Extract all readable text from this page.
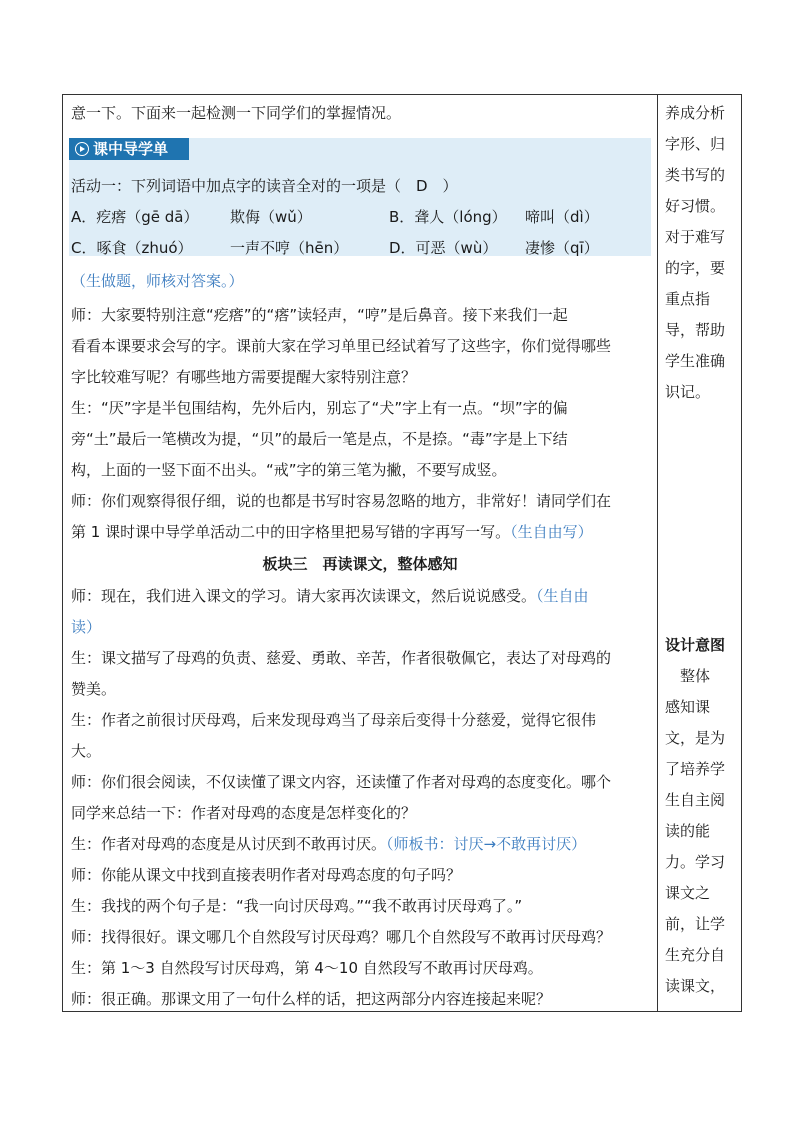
意一下。下面来一起检测一下同学们的掌握情况。
课中导学单
活动一：下列词语中加点字的读音全对的一项是（　D　）
A．疙瘩（gē dā） 欺侮（wǔ）	B．聋人（lóng） 啼叫（dì）
C．啄食（zhuó） 一声不哼（hēn）	D．可恶（wù） 凄惨（qī）
（生做题，师核对答案。）
师：大家要特别注意“疙瘩”的“瘩”读轻声，“哼”是后鼻音。接下来我们一起
看看本课要求会写的字。课前大家在学习单里已经试着写了这些字，你们觉得哪些
字比较难写呢？有哪些地方需要提醒大家特别注意？
生：“厌”字是半包围结构，先外后内，别忘了“犬”字上有一点。“坝”字的偏
旁“土”最后一笔横改为提，“贝”的最后一笔是点，不是捺。“毒”字是上下结
构，上面的一竖下面不出头。“戒”字的第三笔为撇，不要写成竖。
师：你们观察得很仔细，说的也都是书写时容易忽略的地方，非常好！请同学们在
第 1 课时课中导学单活动二中的田字格里把易写错的字再写一写。（生自由写）
板块三　再读课文，整体感知
师：现在，我们进入课文的学习。请大家再次读课文，然后说说感受。（生自由
读）
生：课文描写了母鸡的负责、慈爱、勇敢、辛苦，作者很敬佩它，表达了对母鸡的
赞美。
生：作者之前很讨厌母鸡，后来发现母鸡当了母亲后变得十分慈爱，觉得它很伟
大。
师：你们很会阅读，不仅读懂了课文内容，还读懂了作者对母鸡的态度变化。哪个
同学来总结一下：作者对母鸡的态度是怎样变化的？
生：作者对母鸡的态度是从讨厌到不敢再讨厌。（师板书：讨厌→不敢再讨厌）
师：你能从课文中找到直接表明作者对母鸡态度的句子吗？
生：我找的两个句子是：“我一向讨厌母鸡。”“我不敢再讨厌母鸡了。”
师：找得很好。课文哪几个自然段写讨厌母鸡？哪几个自然段写不敢再讨厌母鸡？
生：第 1～3 自然段写讨厌母鸡，第 4～10 自然段写不敢再讨厌母鸡。
师：很正确。那课文用了一句什么样的话，把这两部分内容连接起来呢？
养成分析
字形、归
类书写的
好习惯。
对于难写
的字，要
重点指
导，帮助
学生准确
识记。
设计意图
　整体
感知课
文，是为
了培养学
生自主阅
读的能
力。学习
课文之
前，让学
生充分自
读课文，
